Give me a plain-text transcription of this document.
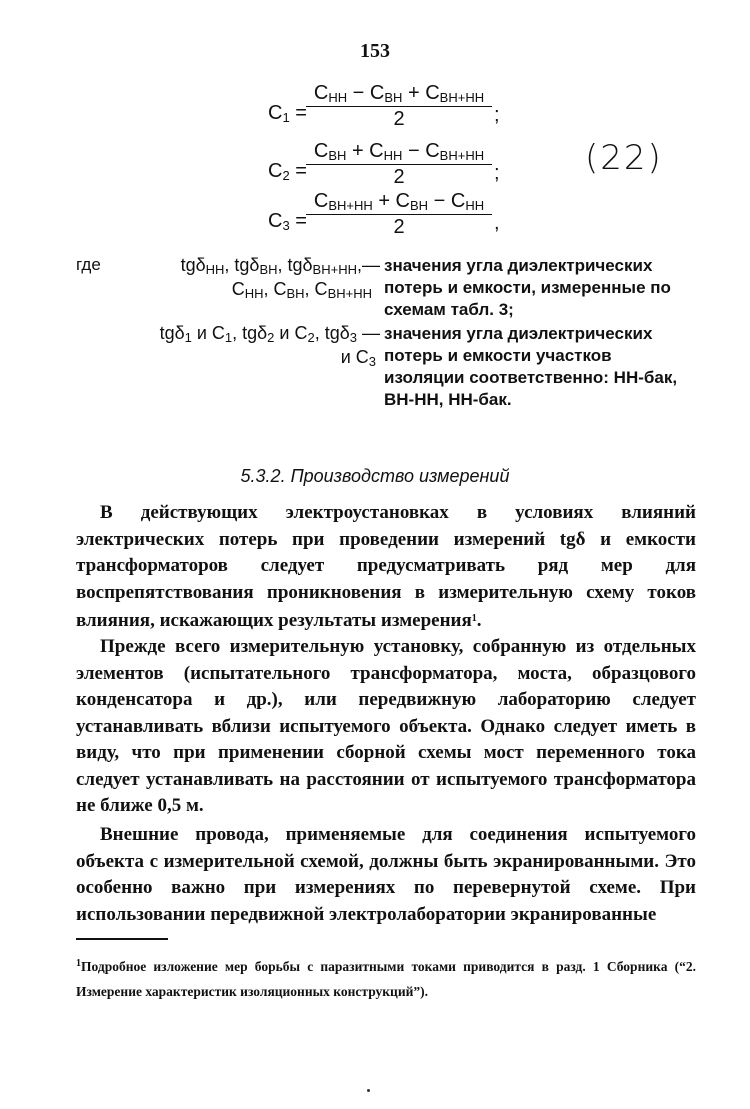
153
$C_1$ =
$C_{НН} - C_{ВН} + C_{ВН+НН}$
2	;
$C_2$ =
$C_{ВН} + C_{НН} - C_{ВН+НН}$
2	;
$C_3$ =
$C_{ВН+НН} + C_{ВН} - C_{НН}$
2	,
(22)
где	tgδ$_{НН}$, tgδ$_{ВН}$, tgδ$_{ВН+НН}$,—
$C_{НН}$, $C_{ВН}$, $C_{ВН+НН}$
значения угла диэлектрических потерь и емкости, измеренные по схемам табл. 3;
tgδ$_1$ и $C_1$, tgδ$_2$ и $C_2$, tgδ$_3$ —
и $C_3$
значения угла диэлектрических потерь и емкости участков изоляции соответственно: НН-бак, ВН-НН, НН-бак.
5.3.2. Производство измерений
В действующих электроустановках в условиях влияний электрических потерь при проведении измерений tgδ и емкости трансформаторов следует предусматривать ряд мер для воспрепятствования проникновения в измерительную схему токов влияния, искажающих результаты измерения$^1$.
Прежде всего измерительную установку, собранную из отдельных элементов (испытательного трансформатора, моста, образцового конденсатора и др.), или передвижную лабораторию следует устанавливать вблизи испытуемого объекта. Однако следует иметь в виду, что при применении сборной схемы мост переменного тока следует устанавливать на расстоянии от испытуемого трансформатора не ближе 0,5 м.
Внешние провода, применяемые для соединения испытуемого объекта с измерительной схемой, должны быть экранированными. Это особенно важно при измерениях по перевернутой схеме. При использовании передвижной электролаборатории экранированные
$^1$Подробное изложение мер борьбы с паразитными токами приводится в разд. 1 Сборника (“2. Измерение характеристик изоляционных конструкций”).
